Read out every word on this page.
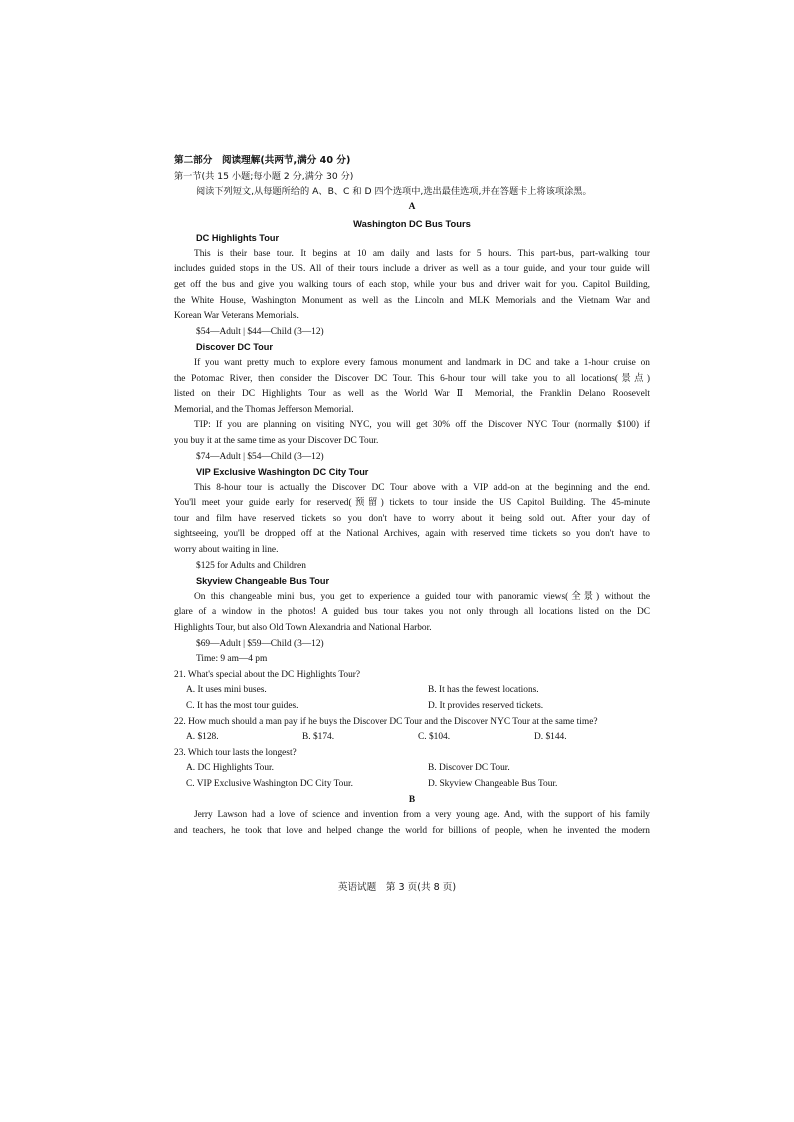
第二部分　阅读理解(共两节,满分 40 分)
第一节(共 15 小题;每小题 2 分,满分 30 分)
阅读下列短文,从每题所给的 A、B、C 和 D 四个选项中,选出最佳选项,并在答题卡上将该项涂黑。
A
Washington DC Bus Tours
DC Highlights Tour
This is their base tour. It begins at 10 am daily and lasts for 5 hours. This part-bus, part-walking tour
includes guided stops in the US. All of their tours include a driver as well as a tour guide, and your tour guide will
get off the bus and give you walking tours of each stop, while your bus and driver wait for you. Capitol Building,
the White House, Washington Monument as well as the Lincoln and MLK Memorials and the Vietnam War and
Korean War Veterans Memorials.
$54—Adult | $44—Child (3—12)
Discover DC Tour
If you want pretty much to explore every famous monument and landmark in DC and take a 1-hour cruise on
the Potomac River, then consider the Discover DC Tour. This 6-hour tour will take you to all locations(景点)
listed on their DC Highlights Tour as well as the World War Ⅱ Memorial, the Franklin Delano Roosevelt
Memorial, and the Thomas Jefferson Memorial.
TIP: If you are planning on visiting NYC, you will get 30% off the Discover NYC Tour (normally $100) if
you buy it at the same time as your Discover DC Tour.
$74—Adult | $54—Child (3—12)
VIP Exclusive Washington DC City Tour
This 8-hour tour is actually the Discover DC Tour above with a VIP add-on at the beginning and the end.
You'll meet your guide early for reserved(预留) tickets to tour inside the US Capitol Building. The 45-minute
tour and film have reserved tickets so you don't have to worry about it being sold out. After your day of
sightseeing, you'll be dropped off at the National Archives, again with reserved time tickets so you don't have to
worry about waiting in line.
$125 for Adults and Children
Skyview Changeable Bus Tour
On this changeable mini bus, you get to experience a guided tour with panoramic views(全景) without the
glare of a window in the photos! A guided bus tour takes you not only through all locations listed on the DC
Highlights Tour, but also Old Town Alexandria and National Harbor.
$69—Adult | $59—Child (3—12)
Time: 9 am—4 pm
21. What's special about the DC Highlights Tour?
A. It uses mini buses.	B. It has the fewest locations.
C. It has the most tour guides.	D. It provides reserved tickets.
22. How much should a man pay if he buys the Discover DC Tour and the Discover NYC Tour at the same time?
A. $128.	B. $174.	C. $104.	D. $144.
23. Which tour lasts the longest?
A. DC Highlights Tour.	B. Discover DC Tour.
C. VIP Exclusive Washington DC City Tour.	D. Skyview Changeable Bus Tour.
B
Jerry Lawson had a love of science and invention from a very young age. And, with the support of his family
and teachers, he took that love and helped change the world for billions of people, when he invented the modern
英语试题　第 3 页(共 8 页)
